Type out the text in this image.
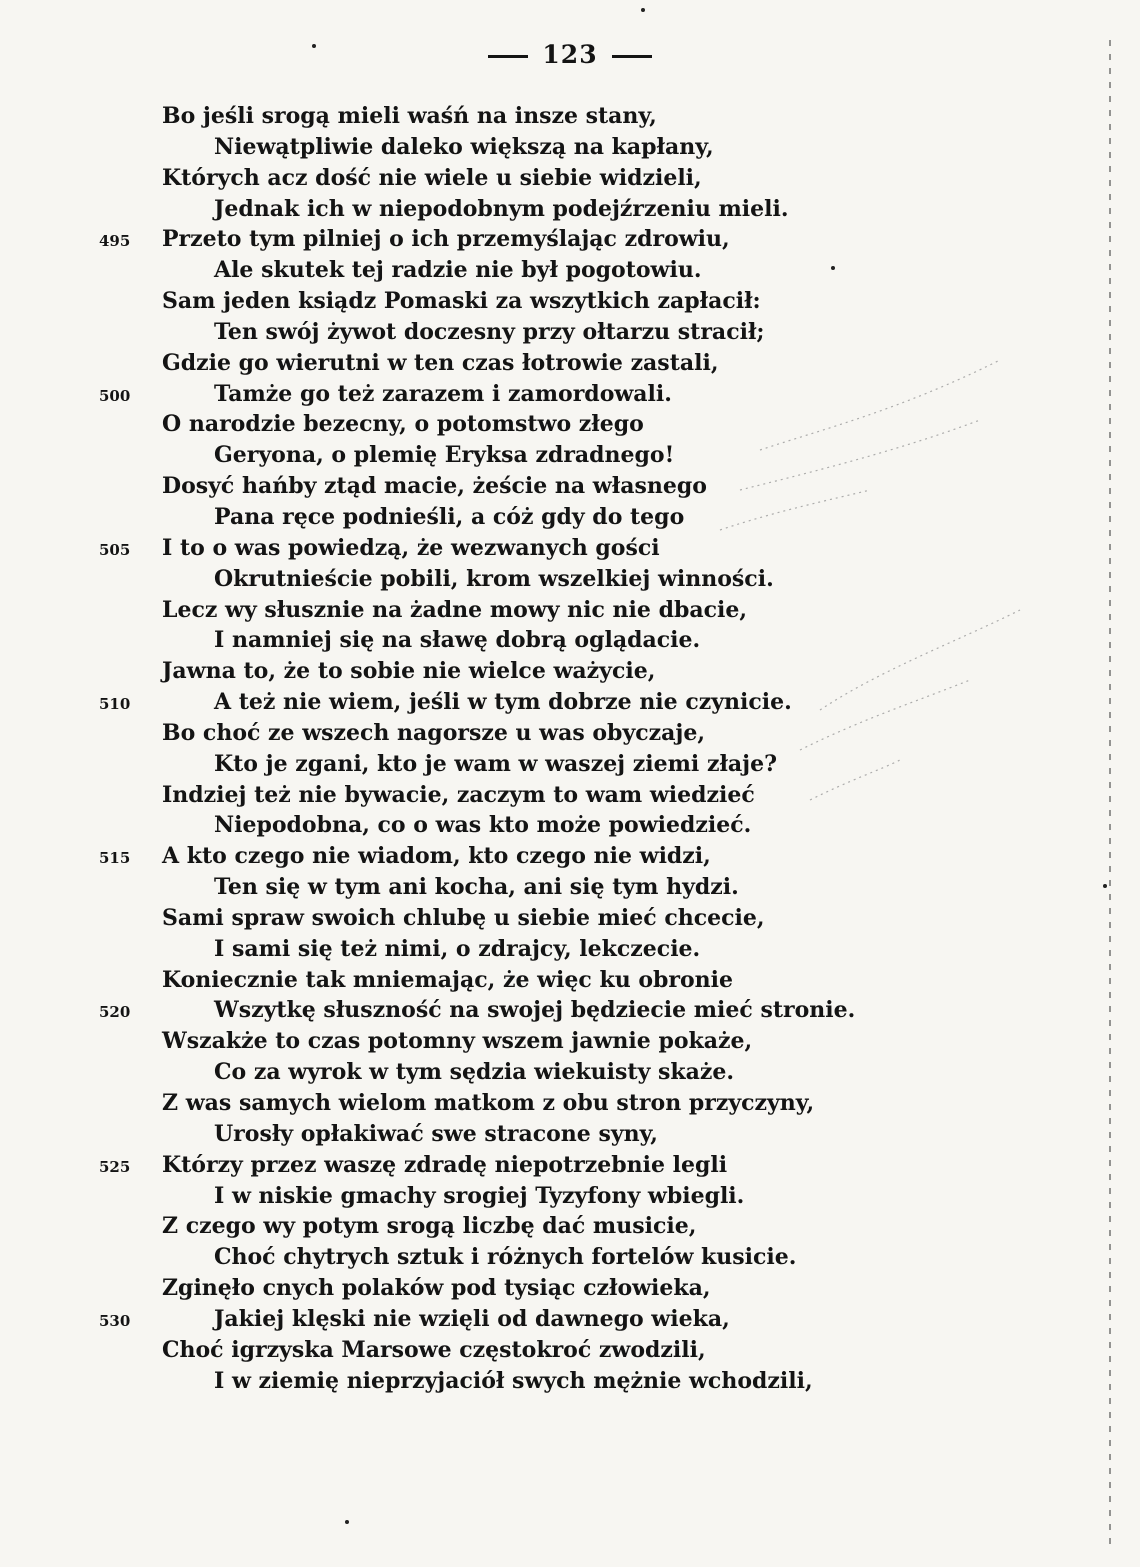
123
Bo jeśli srogą mieli waśń na insze stany,
Niewątpliwie daleko większą na kapłany,
Których acz dość nie wiele u siebie widzieli,
Jednak ich w niepodobnym podejźrzeniu mieli.
495 Przeto tym pilniej o ich przemyślając zdrowiu,
Ale skutek tej radzie nie był pogotowiu.
Sam jeden ksiądz Pomaski za wszytkich zapłacił:
Ten swój żywot doczesny przy ołtarzu stracił;
Gdzie go wierutni w ten czas łotrowie zastali,
500	Tamże go też zarazem i zamordowali.
O narodzie bezecny, o potomstwo złego
Geryona, o plemię Eryksa zdradnego!
Dosyć hańby ztąd macie, żeście na własnego
Pana ręce podnieśli, a cóż gdy do tego
505 I to o was powiedzą, że wezwanych gości
Okrutnieście pobili, krom wszelkiej winności.
Lecz wy słusznie na żadne mowy nic nie dbacie,
I namniej się na sławę dobrą oglądacie.
Jawna to, że to sobie nie wielce ważycie,
510	A też nie wiem, jeśli w tym dobrze nie czynicie.
Bo choć ze wszech nagorsze u was obyczaje,
Kto je zgani, kto je wam w waszej ziemi złaje?
Indziej też nie bywacie, zaczym to wam wiedzieć
Niepodobna, co o was kto może powiedzieć.
515 A kto czego nie wiadom, kto czego nie widzi,
Ten się w tym ani kocha, ani się tym hydzi.
Sami spraw swoich chlubę u siebie mieć chcecie,
I sami się też nimi, o zdrajcy, lekczecie.
Koniecznie tak mniemając, że więc ku obronie
520	Wszytkę słuszność na swojej będziecie mieć stronie.
Wszakże to czas potomny wszem jawnie pokaże,
Co za wyrok w tym sędzia wiekuisty skaże.
Z was samych wielom matkom z obu stron przyczyny,
Urosły opłakiwać swe stracone syny,
525 Którzy przez waszę zdradę niepotrzebnie legli
I w niskie gmachy srogiej Tyzyfony wbiegli.
Z czego wy potym srogą liczbę dać musicie,
Choć chytrych sztuk i różnych fortelów kusicie.
Zginęło cnych polaków pod tysiąc człowieka,
530	Jakiej klęski nie wzięli od dawnego wieka,
Choć igrzyska Marsowe częstokroć zwodzili,
I w ziemię nieprzyjaciół swych mężnie wchodzili,
